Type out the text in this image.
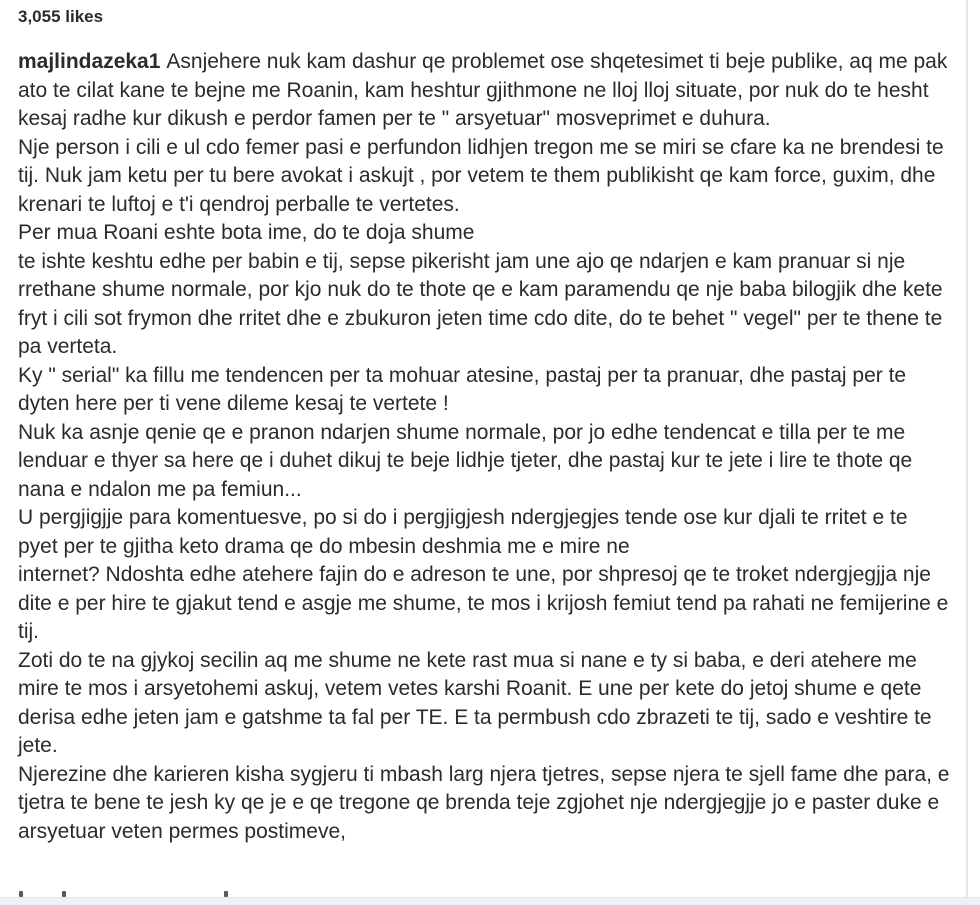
3,055 likes

majlindazeka1 Asnjehere nuk kam dashur qe problemet ose shqetesimet ti beje publike, aq me pak ato te cilat kane te bejne me Roanin, kam heshtur gjithmone ne lloj lloj situate, por nuk do te hesht kesaj radhe kur dikush e perdor famen per te " arsyetuar" mosveprimet e duhura.

Nje person i cili e ul cdo femer pasi e perfundon lidhjen tregon me se miri se cfare ka ne brendesi te tij. Nuk jam ketu per tu bere avokat i askujt , por vetem te them publikisht qe kam force, guxim, dhe krenari te luftoj e t'i qendroj perballe te vertetes.

Per mua Roani eshte bota ime, do te doja shume

te ishte keshtu edhe per babin e tij, sepse pikerisht jam une ajo qe ndarjen e kam pranuar si nje rrethane shume normale, por kjo nuk do te thote qe e kam paramendu qe nje baba bilogjik dhe kete fryt i cili sot frymon dhe rritet dhe e zbukuron jeten time cdo dite, do te behet " vegel" per te thene te pa verteta.

Ky " serial" ka fillu me tendencen per ta mohuar atesine, pastaj per ta pranuar, dhe pastaj per te dyten here per ti vene dileme kesaj te vertete !

Nuk ka asnje qenie qe e pranon ndarjen shume normale, por jo edhe tendencat e tilla per te me lenduar e thyer sa here qe i duhet dikuj te beje lidhje tjeter, dhe pastaj kur te jete i lire te thote qe nana e ndalon me pa femiun...

U pergjigjje para komentuesve, po si do i pergjigjesh ndergjegjes tende ose kur djali te rritet e te pyet per te gjitha keto drama qe do mbesin deshmia me e mire ne

internet? Ndoshta edhe atehere fajin do e adreson te une, por shpresoj qe te troket ndergjegjja nje dite e per hire te gjakut tend e asgje me shume, te mos i krijosh femiut tend pa rahati ne femijerine e tij.

Zoti do te na gjykoj secilin aq me shume ne kete rast mua si nane e ty si baba, e deri atehere me mire te mos i arsyetohemi askuj, vetem vetes karshi Roanit. E une per kete do jetoj shume e qete derisa edhe jeten jam e gatshme ta fal per TE. E ta permbush cdo zbrazeti te tij, sado e veshtire te jete.

Njerezine dhe karieren kisha sygjeru ti mbash larg njera tjetres, sepse njera te sjell fame dhe para, e tjetra te bene te jesh ky qe je e qe tregone qe brenda teje zgjohet nje ndergjegjje jo e paster duke e arsyetuar veten permes postimeve,
